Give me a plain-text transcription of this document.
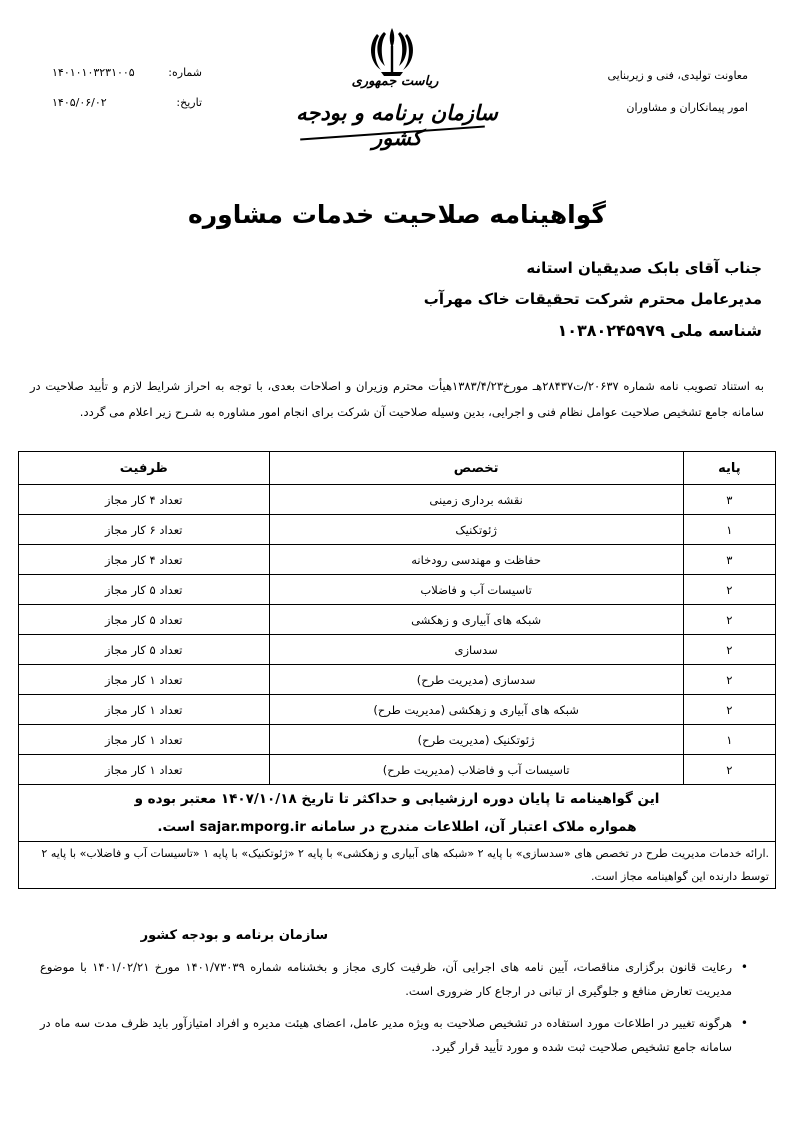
معاونت تولیدی، فنی و زیربنایی
امور پیمانکاران و مشاوران
ریاست جمهوری
سازمان برنامه و بودجه کشور
شماره:
۱۴۰۱۰۱۰۳۲۳۱۰۰۵
تاریخ:
۱۴۰۵/۰۶/۰۲
گواهینامه صلاحیت خدمات مشاوره
جناب آقای بابک صدیقیان استانه
مدیرعامل محترم شرکت تحقیقات خاک مهرآب
شناسه ملی ۱۰۳۸۰۲۴۵۹۷۹
به استناد تصویب نامه شماره ۲۰۶۳۷/ت۲۸۴۳۷هـ مورخ۱۳۸۳/۴/۲۳هیأت محترم وزیران و اصلاحات بعدی، با توجه به احراز شرایط لازم و تأیید صلاحیت در سامانه جامع تشخیص صلاحیت عوامل نظام فنی و اجرایی، بدین وسیله صلاحیت آن شرکت برای انجام امور مشاوره به شـرح زیر اعلام می گردد.
پایه	تخصص	ظرفیت
۳	نقشه برداری زمینی	تعداد ۴ کار مجاز
۱	ژئوتکنیک	تعداد ۶ کار مجاز
۳	حفاظت و مهندسی رودخانه	تعداد ۴ کار مجاز
۲	تاسیسات آب و فاضلاب	تعداد ۵ کار مجاز
۲	شبکه های آبیاری و زهکشی	تعداد ۵ کار مجاز
۲	سدسازی	تعداد ۵ کار مجاز
۲	سدسازی (مدیریت طرح)	تعداد ۱ کار مجاز
۲	شبکه های آبیاری و زهکشی (مدیریت طرح)	تعداد ۱ کار مجاز
۱	ژئوتکنیک (مدیریت طرح)	تعداد ۱ کار مجاز
۲	تاسیسات آب و فاضلاب (مدیریت طرح)	تعداد ۱ کار مجاز

این گواهینامه تا پایان دوره ارزشیابی و حداکثر تا تاریخ ۱۴۰۷/۱۰/۱۸ معتبر بوده و
همواره ملاک اعتبار آن، اطلاعات مندرج در سامانه sajar.mporg.ir است.		

.ارائه خدمات مدیریت طرح در تخصص های «سدسازی» با پایه ۲ «شبکه های آبیاری و زهکشی» با پایه ۲ «ژئوتکنیک» با پایه ۱ «تاسیسات آب و فاضلاب» با پایه ۲ توسط دارنده این گواهینامه مجاز است.		
سازمان برنامه و بودجه کشور
• رعایت قانون برگزاری مناقصات، آیین نامه های اجرایی آن، ظرفیت کاری مجاز و بخشنامه شماره ۱۴۰۱/۷۳۰۳۹ مورخ ۱۴۰۱/۰۲/۲۱ با موضوع مدیریت تعارض منافع و جلوگیری از تبانی در ارجاع کار ضروری است.
• هرگونه تغییر در اطلاعات مورد استفاده در تشخیص صلاحیت به ویژه مدیر عامل، اعضای هیئت مدیره و افراد امتیازآور باید ظرف مدت سه ماه در سامانه جامع تشخیص صلاحیت ثبت شده و مورد تأیید قرار گیرد.
